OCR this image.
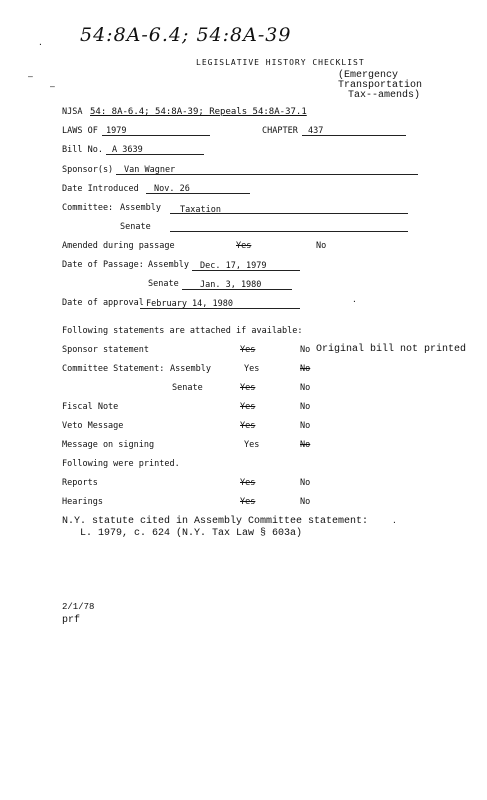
54:8A-6.4; 54:8A-39
·
–
–
LEGISLATIVE HISTORY CHECKLIST
(Emergency Transportation
Tax--amends)
NJSA 54: 8A-6.4; 54:8A-39; Repeals 54:8A-37.1
LAWS OF 1979	CHAPTER 437
Bill No. A 3639
Sponsor(s) Van Wagner
Date Introduced Nov. 26
Committee: Assembly Taxation
Senate
Amended during passage	Yes	No
Date of Passage: Assembly Dec. 17, 1979
Senate	Jan. 3, 1980
Date of approval February 14, 1980	·
Following statements are attached if available:
Sponsor statement	Yes	No Original bill not printed
Committee Statement: Assembly	Yes	No
Senate	Yes	No
Fiscal Note	Yes	No
Veto Message	Yes	No
Message on signing	Yes	No
Following were printed.
Reports	Yes	No
Hearings	Yes	No
N.Y. statute cited in Assembly Committee statement:
L. 1979, c. 624 (N.Y. Tax Law § 603a)
·
2/1/78
prf
